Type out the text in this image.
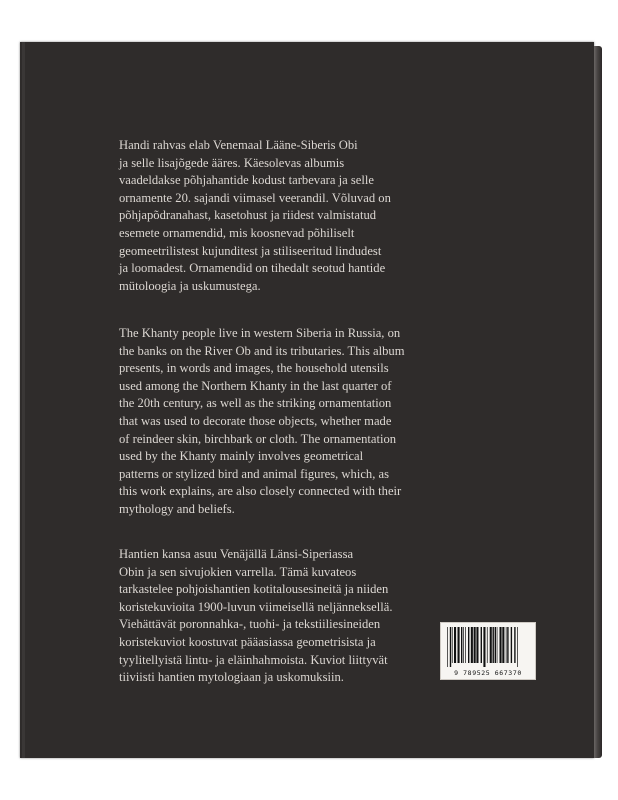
Handi rahvas elab Venemaal Lääne-Siberis Obi
ja selle lisajõgede ääres. Käesolevas albumis
vaadeldakse põhjahantide kodust tarbevara ja selle
ornamente 20. sajandi viimasel veerandil. Võluvad on
põhjapõdranahast, kasetohust ja riidest valmistatud
esemete ornamendid, mis koosnevad põhiliselt
geomeetrilistest kujunditest ja stiliseeritud lindudest
ja loomadest. Ornamendid on tihedalt seotud hantide
mütoloogia ja uskumustega.

The Khanty people live in western Siberia in Russia, on
the banks on the River Ob and its tributaries. This album
presents, in words and images, the household utensils
used among the Northern Khanty in the last quarter of
the 20th century, as well as the striking ornamentation
that was used to decorate those objects, whether made
of reindeer skin, birchbark or cloth. The ornamentation
used by the Khanty mainly involves geometrical
patterns or stylized bird and animal figures, which, as
this work explains, are also closely connected with their
mythology and beliefs.

Hantien kansa asuu Venäjällä Länsi-Siperiassa
Obin ja sen sivujokien varrella. Tämä kuvateos
tarkastelee pohjoishantien kotitalousesineitä ja niiden
koristekuvioita 1900-luvun viimeisellä neljänneksellä.
Viehättävät poronnahka-, tuohi- ja tekstiiliesineiden
koristekuviot koostuvat pääasiassa geometrisista ja
tyylitellyistä lintu- ja eläinhahmoista. Kuviot liittyvät
tiiviisti hantien mytologiaan ja uskomuksiin.	9 789525 667370
